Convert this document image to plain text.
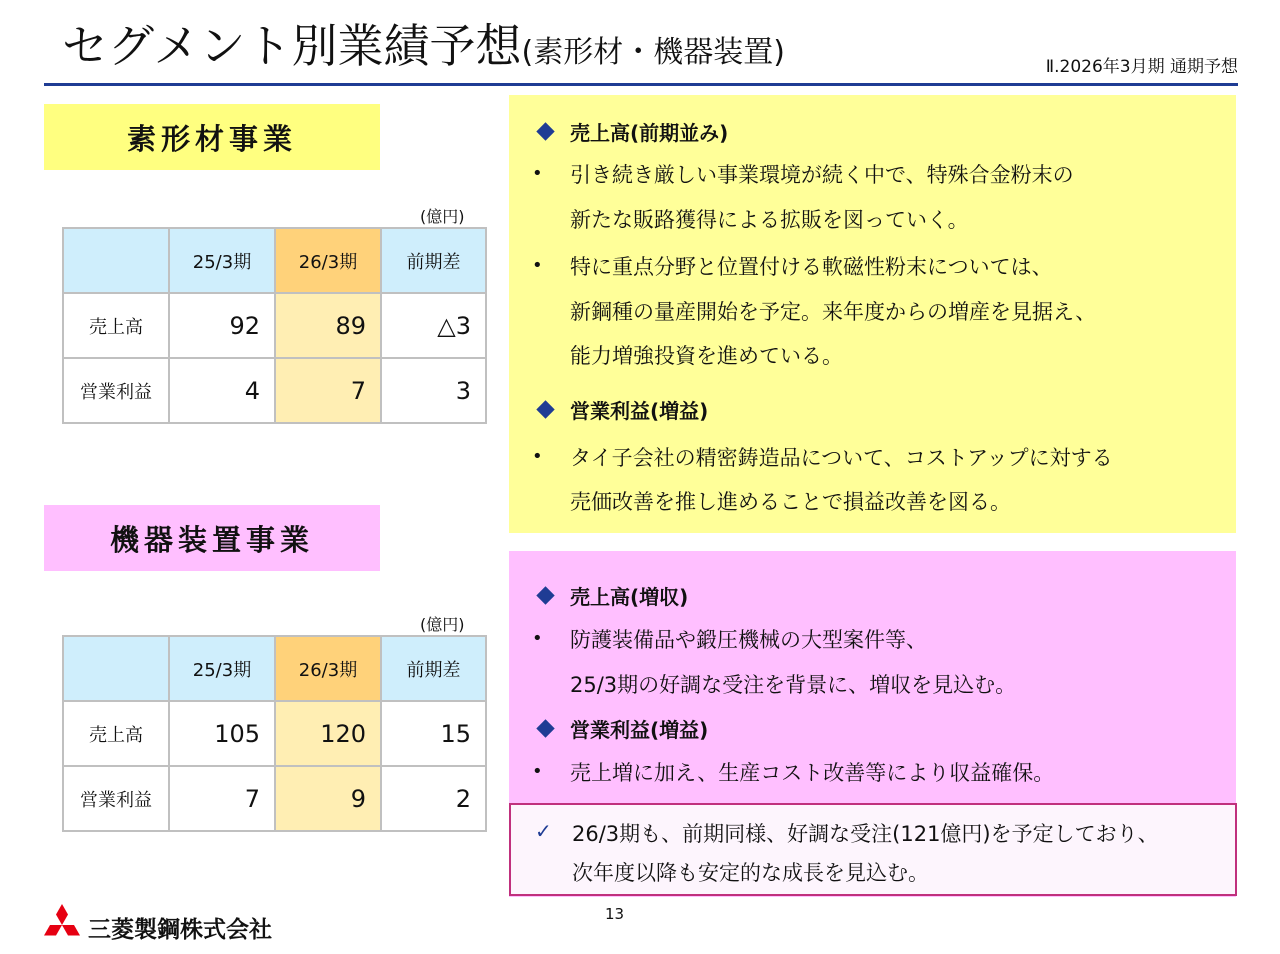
セグメント別業績予想(素形材・機器装置)	Ⅱ.2026年3月期 通期予想
素形材事業
(億円)
	25/3期	26/3期	前期差
売上高	92	89	△3
営業利益	4	7	3
売上高(前期並み)
• 引き続き厳しい事業環境が続く中で、特殊合金粉末の
新たな販路獲得による拡販を図っていく。
• 特に重点分野と位置付ける軟磁性粉末については、
新鋼種の量産開始を予定。来年度からの増産を見据え、
能力増強投資を進めている。
営業利益(増益)
• タイ子会社の精密鋳造品について、コストアップに対する
売価改善を推し進めることで損益改善を図る。
機器装置事業
(億円)
	25/3期	26/3期	前期差
売上高	105	120	15
営業利益	7	9	2
売上高(増収)
• 防護装備品や鍛圧機械の大型案件等、
25/3期の好調な受注を背景に、増収を見込む。
営業利益(増益)
• 売上増に加え、生産コスト改善等により収益確保。
✓ 26/3期も、前期同様、好調な受注(121億円)を予定しており、
次年度以降も安定的な成長を見込む。
13
三菱製鋼株式会社
